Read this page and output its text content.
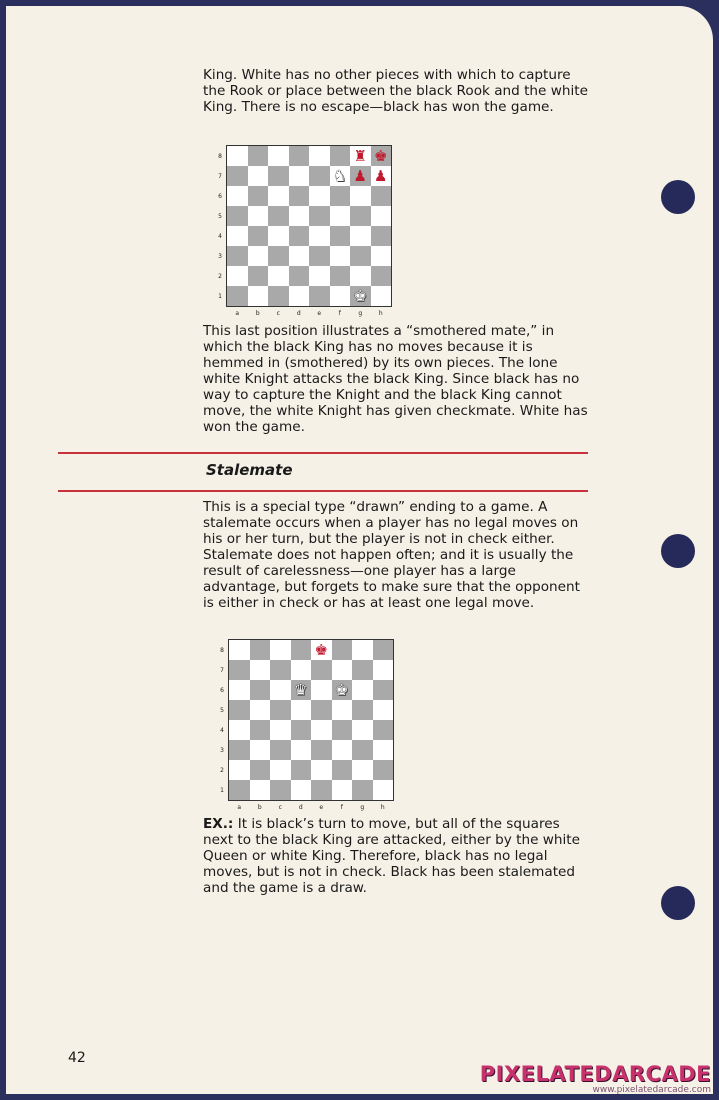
King. White has no other pieces with which to capture the Rook or place between the black Rook and the white King. There is no escape—black has won the game.
♜ ♚
♞ ♟ ♟
♚
8
7
6
5
4
3
2
1
a	b	c	d	e	f	g	h
This last position illustrates a “smothered mate,” in which the black King has no moves because it is hemmed in (smothered) by its own pieces. The lone white Knight attacks the black King. Since black has no way to capture the Knight and the black King cannot move, the white Knight has given checkmate. White has won the game.
Stalemate
This is a special type “drawn” ending to a game. A stalemate occurs when a player has no legal moves on his or her turn, but the player is not in check either. Stalemate does not happen often; and it is usually the result of carelessness—one player has a large advantage, but forgets to make sure that the opponent is either in check or has at least one legal move.
♚
♛ ♚
8
7
6
5
4
3
2
1
a	b	c	d	e	f	g	h
EX.: It is black’s turn to move, but all of the squares next to the black King are attacked, either by the white Queen or white King. Therefore, black has no legal moves, but is not in check. Black has been stalemated and the game is a draw.
42
PIXELATEDARCADE
www.pixelatedarcade.com
